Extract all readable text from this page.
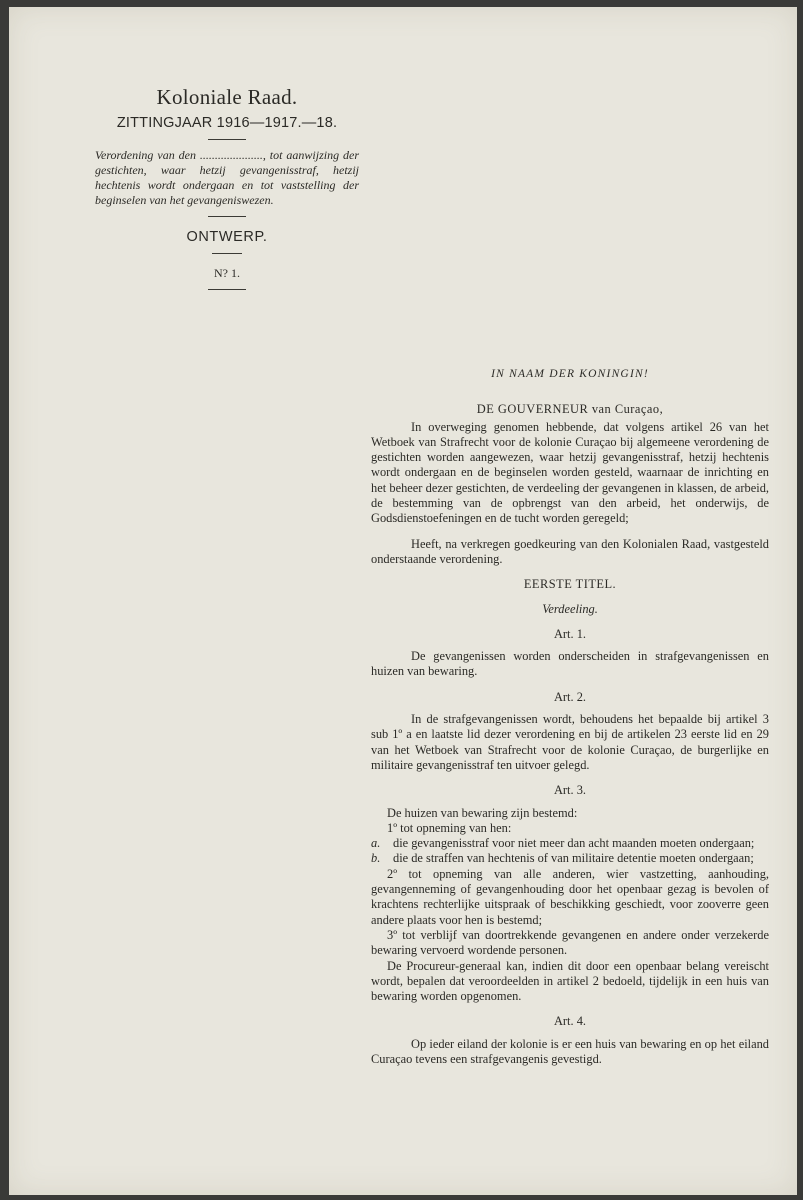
Koloniale Raad.
ZITTINGJAAR 1916—1917.—18.
Verordening van den ....................., tot aanwijzing der gestichten, waar hetzij gevangenisstraf, hetzij hechtenis wordt ondergaan en tot vaststelling der beginselen van het gevangeniswezen.
ONTWERP.
N? 1.
IN NAAM DER KONINGIN!
DE GOUVERNEUR van Curaçao,

In overweging genomen hebbende, dat volgens artikel 26 van het Wetboek van Strafrecht voor de kolonie Curaçao bij algemeene verordening de gestichten worden aangewezen, waar hetzij gevangenisstraf, hetzij hechtenis wordt ondergaan en de beginselen worden gesteld, waarnaar de inrichting en het beheer dezer gestichten, de verdeeling der gevangenen in klassen, de arbeid, de bestemming van de opbrengst van den arbeid, het onderwijs, de Godsdienstoefeningen en de tucht worden geregeld;

Heeft, na verkregen goedkeuring van den Kolonialen Raad, vastgesteld onderstaande verordening.

EERSTE TITEL.
Verdeeling.
Art. 1.

De gevangenissen worden onderscheiden in strafgevangenissen en huizen van bewaring.

Art. 2.

In de strafgevangenissen wordt, behoudens het bepaalde bij artikel 3 sub 1º a en laatste lid dezer verordening en bij de artikelen 23 eerste lid en 29 van het Wetboek van Strafrecht voor de kolonie Curaçao, de burgerlijke en militaire gevangenisstraf ten uitvoer gelegd.

Art. 3.

De huizen van bewaring zijn bestemd:

1º tot opneming van hen:

a. die gevangenisstraf voor niet meer dan acht maanden moeten ondergaan;

b. die de straffen van hechtenis of van militaire detentie moeten ondergaan;

2º tot opneming van alle anderen, wier vastzetting, aanhouding, gevangenneming of gevangenhouding door het openbaar gezag is bevolen of krachtens rechterlijke uitspraak of beschikking geschiedt, voor zooverre geen andere plaats voor hen is bestemd;

3º tot verblijf van doortrekkende gevangenen en andere onder verzekerde bewaring vervoerd wordende personen.

De Procureur-generaal kan, indien dit door een openbaar belang vereischt wordt, bepalen dat veroordeelden in artikel 2 bedoeld, tijdelijk in een huis van bewaring worden opgenomen.

Art. 4.

Op ieder eiland der kolonie is er een huis van bewaring en op het eiland Curaçao tevens een strafgevangenis gevestigd.
